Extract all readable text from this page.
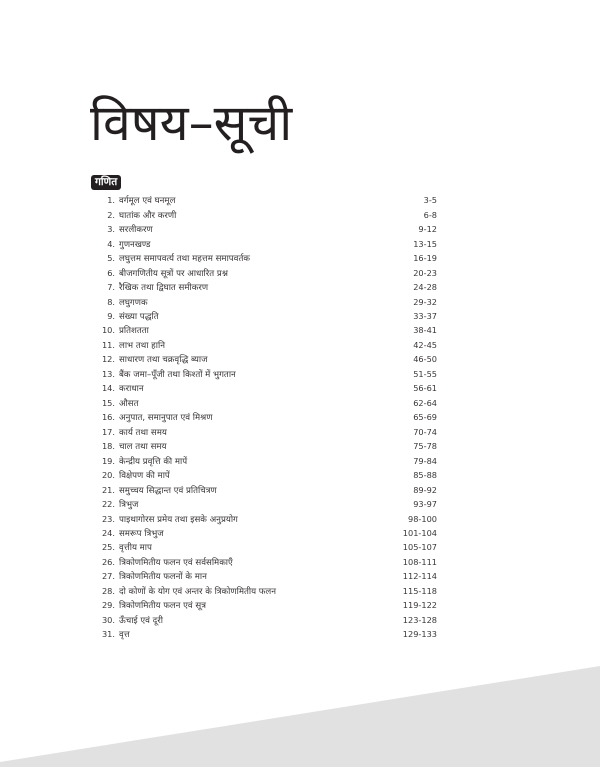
विषय–सूची
गणित
1. वर्गमूल एवं घनमूल	3-5
2. घातांक और करणी	6-8
3. सरलीकरण	9-12
4. गुणनखण्ड	13-15
5. लघुत्तम समापवर्त्य तथा महत्तम समापवर्तक	16-19
6. बीजगणितीय सूत्रों पर आधारित प्रश्न	20-23
7. रैखिक तथा द्विघात समीकरण	24-28
8. लघुगणक	29-32
9. संख्या पद्धति	33-37
10. प्रतिशतता	38-41
11. लाभ तथा हानि	42-45
12. साधारण तथा चक्रवृद्धि ब्याज	46-50
13. बैंक जमा–पूँजी तथा किश्तों में भुगतान	51-55
14. कराधान	56-61
15. औसत	62-64
16. अनुपात, समानुपात एवं मिश्रण	65-69
17. कार्य तथा समय	70-74
18. चाल तथा समय	75-78
19. केन्द्रीय प्रवृत्ति की मापें	79-84
20. विक्षेपण की मापें	85-88
21. समुच्चय सिद्धान्त एवं प्रतिचित्रण	89-92
22. त्रिभुज	93-97
23. पाइथागोरस प्रमेय तथा इसके अनुप्रयोग	98-100
24. समरूप त्रिभुज	101-104
25. वृत्तीय माप	105-107
26. त्रिकोणमितीय फलन एवं सर्वसमिकाएँ	108-111
27. त्रिकोणमितीय फलनों के मान	112-114
28. दो कोणों के योग एवं अन्तर के त्रिकोणमितीय फलन	115-118
29. त्रिकोणमितीय फलन एवं सूत्र	119-122
30. ऊँचाई एवं दूरी	123-128
31. वृत्त	129-133
